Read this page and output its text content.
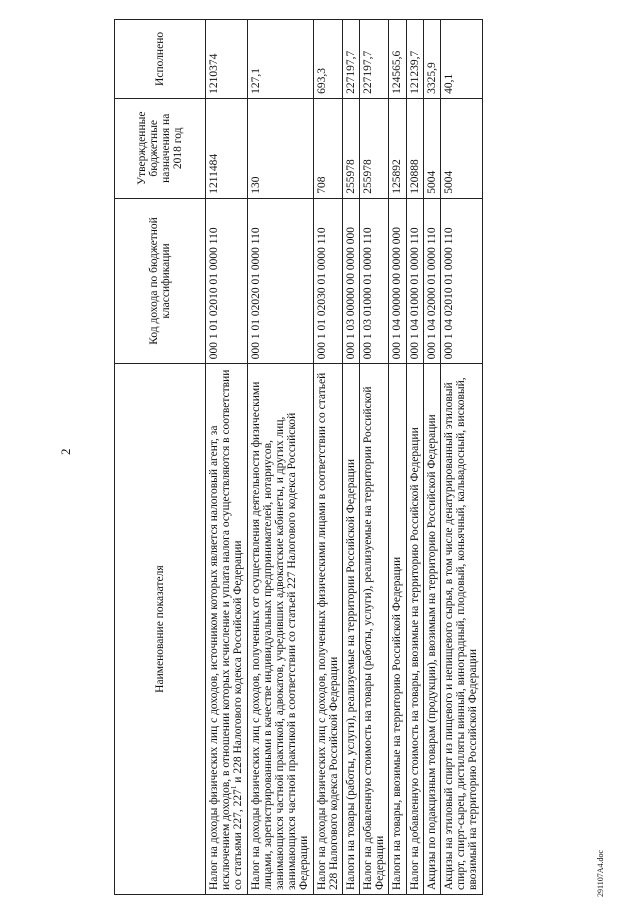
2
Наименование показателя	Код дохода по бюджетной классификации	Утвержденные бюджетные назначения на 2018 год	Исполнено
Налог на доходы физических лиц с доходов, источником которых является налоговый агент, за исключением доходов, в отношении которых исчисление и уплата налога осуществляются в соответствии со статьями 227, $227^1$ и 228 Налогового кодекса Российской Федерации	000 1 01 02010 01 0000 110	1211484	1210374
Налог на доходы физических лиц с доходов, полученных от осуществления деятельности физическими лицами, зарегистрированными в качестве индивидуальных предпринимателей, нотариусов, занимающихся частной практикой, адвокатов, учредивших адвокатские кабинеты, и других лиц, занимающихся частной практикой в соответствии со статьей 227 Налогового кодекса Российской Федерации	000 1 01 02020 01 0000 110	130	127,1
Налог на доходы физических лиц с доходов, полученных физическими лицами в соответствии со статьей 228 Налогового кодекса Российской Федерации	000 1 01 02030 01 0000 110	708	693,3
Налоги на товары (работы, услуги), реализуемые на территории Российской Федерации	000 1 03 00000 00 0000 000	255978	227197,7
Налог на добавленную стоимость на товары (работы, услуги), реализуемые на территории Российской Федерации	000 1 03 01000 01 0000 110	255978	227197,7
Налоги на товары, ввозимые на территорию Российской Федерации	000 1 04 00000 00 0000 000	125892	124565,6
Налог на добавленную стоимость на товары, ввозимые на территорию Российской Федерации	000 1 04 01000 01 0000 110	120888	121239,7
Акцизы по подакцизным товарам (продукции), ввозимым на территорию Российской Федерации	000 1 04 02000 01 0000 110	5004	3325,9
Акцизы на этиловый спирт из пищевого и непищевого сырья, в том числе денатурированный этиловый спирт, спирт-сырец, дистилляты винный, виноградный, плодовый, коньячный, кальвадосный, висковый, ввозимый на территорию Российской Федерации	000 1 04 02010 01 0000 110	5004	40,1
291107А4.doc
